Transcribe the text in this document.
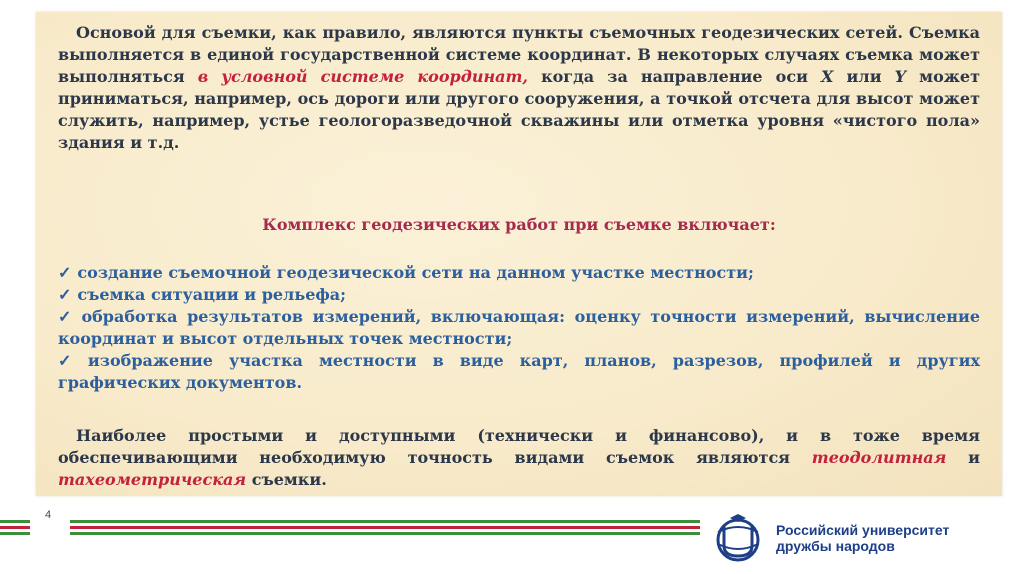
Основой для съемки, как правило, являются пункты съемочных геодезических сетей. Съемка выполняется в единой государственной системе координат. В некоторых случаях съемка может выполняться в условной системе координат, когда за направление оси X или Y может приниматься, например, ось дороги или другого сооружения, а точкой отсчета для высот может служить, например, устье геологоразведочной скважины или отметка уровня «чистого пола» здания и т.д.
Комплекс геодезических работ при съемке включает:
✓ создание съемочной геодезической сети на данном участке местности;
✓ съемка ситуации и рельефа;
✓ обработка результатов измерений, включающая: оценку точности измерений, вычисление координат и высот отдельных точек местности;
✓ изображение участка местности в виде карт, планов, разрезов, профилей и других графических документов.
Наиболее простыми и доступными (технически и финансово), и в тоже время обеспечивающими необходимую точность видами съемок являются теодолитная и тахеометрическая съемки.
4
Российский университет
дружбы народов
